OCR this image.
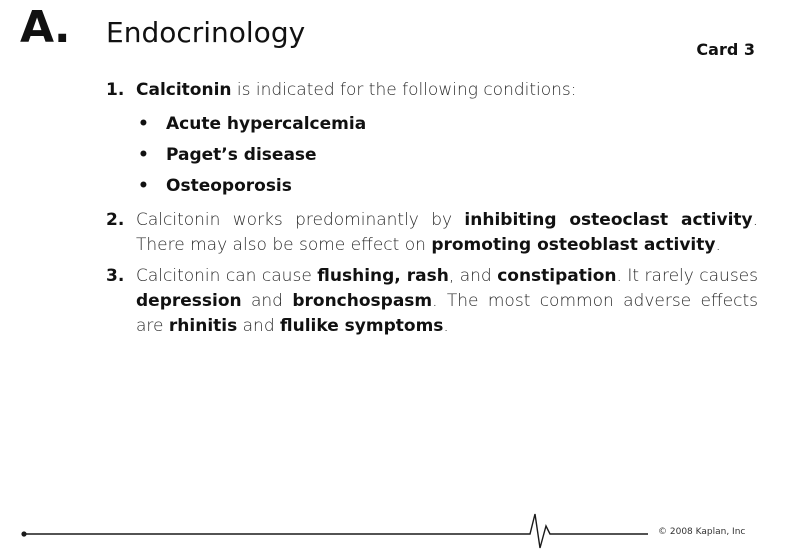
A. Endocrinology
Card 3
1. Calcitonin is indicated for the following conditions:
• Acute hypercalcemia
• Paget’s disease
• Osteoporosis
2. Calcitonin works predominantly by inhibiting osteoclast activity. There may also be some effect on promoting osteoblast activity.
3. Calcitonin can cause flushing, rash, and constipation. It rarely causes depression and bronchospasm. The most common adverse effects are rhinitis and flulike symptoms.
© 2008 Kaplan, Inc
